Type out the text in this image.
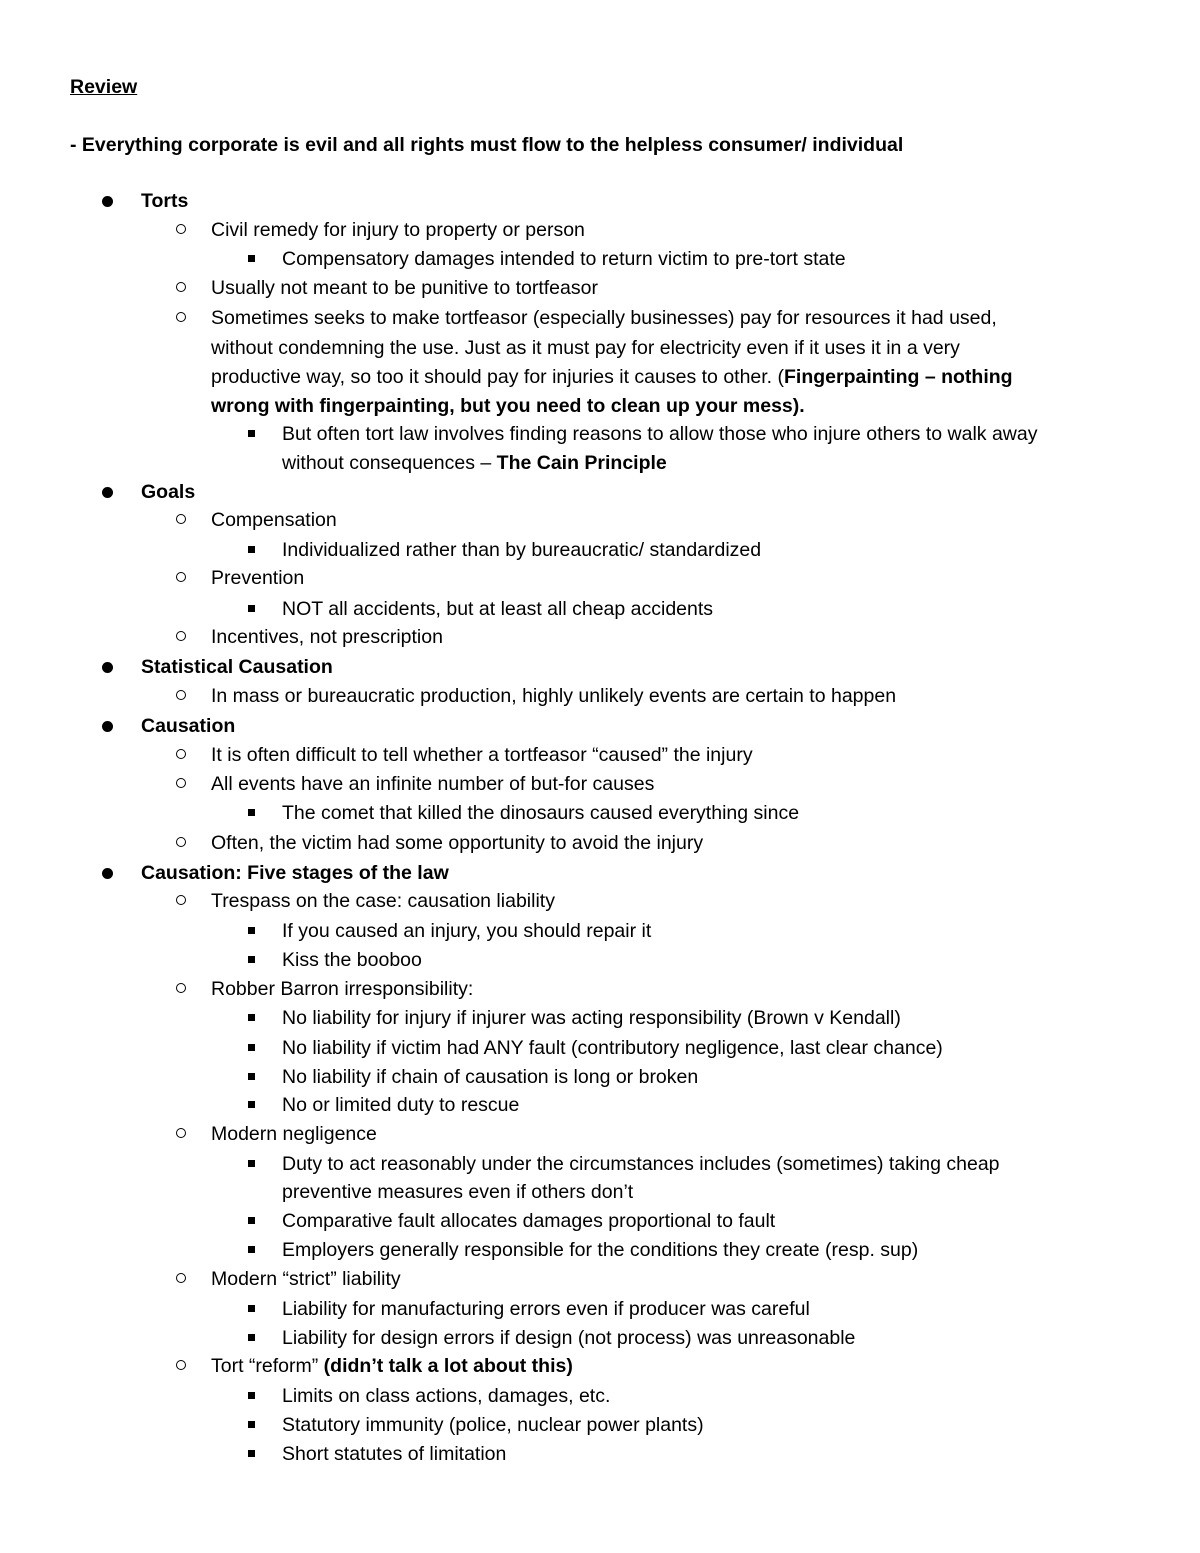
Review
- Everything corporate is evil and all rights must flow to the helpless consumer/ individual
Torts
Civil remedy for injury to property or person
Compensatory damages intended to return victim to pre-tort state
Usually not meant to be punitive to tortfeasor
Sometimes seeks to make tortfeasor (especially businesses) pay for resources it had used,
without condemning the use. Just as it must pay for electricity even if it uses it in a very
productive way, so too it should pay for injuries it causes to other. (Fingerpainting – nothing
wrong with fingerpainting, but you need to clean up your mess).
But often tort law involves finding reasons to allow those who injure others to walk away
without consequences – The Cain Principle
Goals
Compensation
Individualized rather than by bureaucratic/ standardized
Prevention
NOT all accidents, but at least all cheap accidents
Incentives, not prescription
Statistical Causation
In mass or bureaucratic production, highly unlikely events are certain to happen
Causation
It is often difficult to tell whether a tortfeasor “caused” the injury
All events have an infinite number of but-for causes
The comet that killed the dinosaurs caused everything since
Often, the victim had some opportunity to avoid the injury
Causation: Five stages of the law
Trespass on the case: causation liability
If you caused an injury, you should repair it
Kiss the booboo
Robber Barron irresponsibility:
No liability for injury if injurer was acting responsibility (Brown v Kendall)
No liability if victim had ANY fault (contributory negligence, last clear chance)
No liability if chain of causation is long or broken
No or limited duty to rescue
Modern negligence
Duty to act reasonably under the circumstances includes (sometimes) taking cheap
preventive measures even if others don’t
Comparative fault allocates damages proportional to fault
Employers generally responsible for the conditions they create (resp. sup)
Modern “strict” liability
Liability for manufacturing errors even if producer was careful
Liability for design errors if design (not process) was unreasonable
Tort “reform” (didn’t talk a lot about this)
Limits on class actions, damages, etc.
Statutory immunity (police, nuclear power plants)
Short statutes of limitation
